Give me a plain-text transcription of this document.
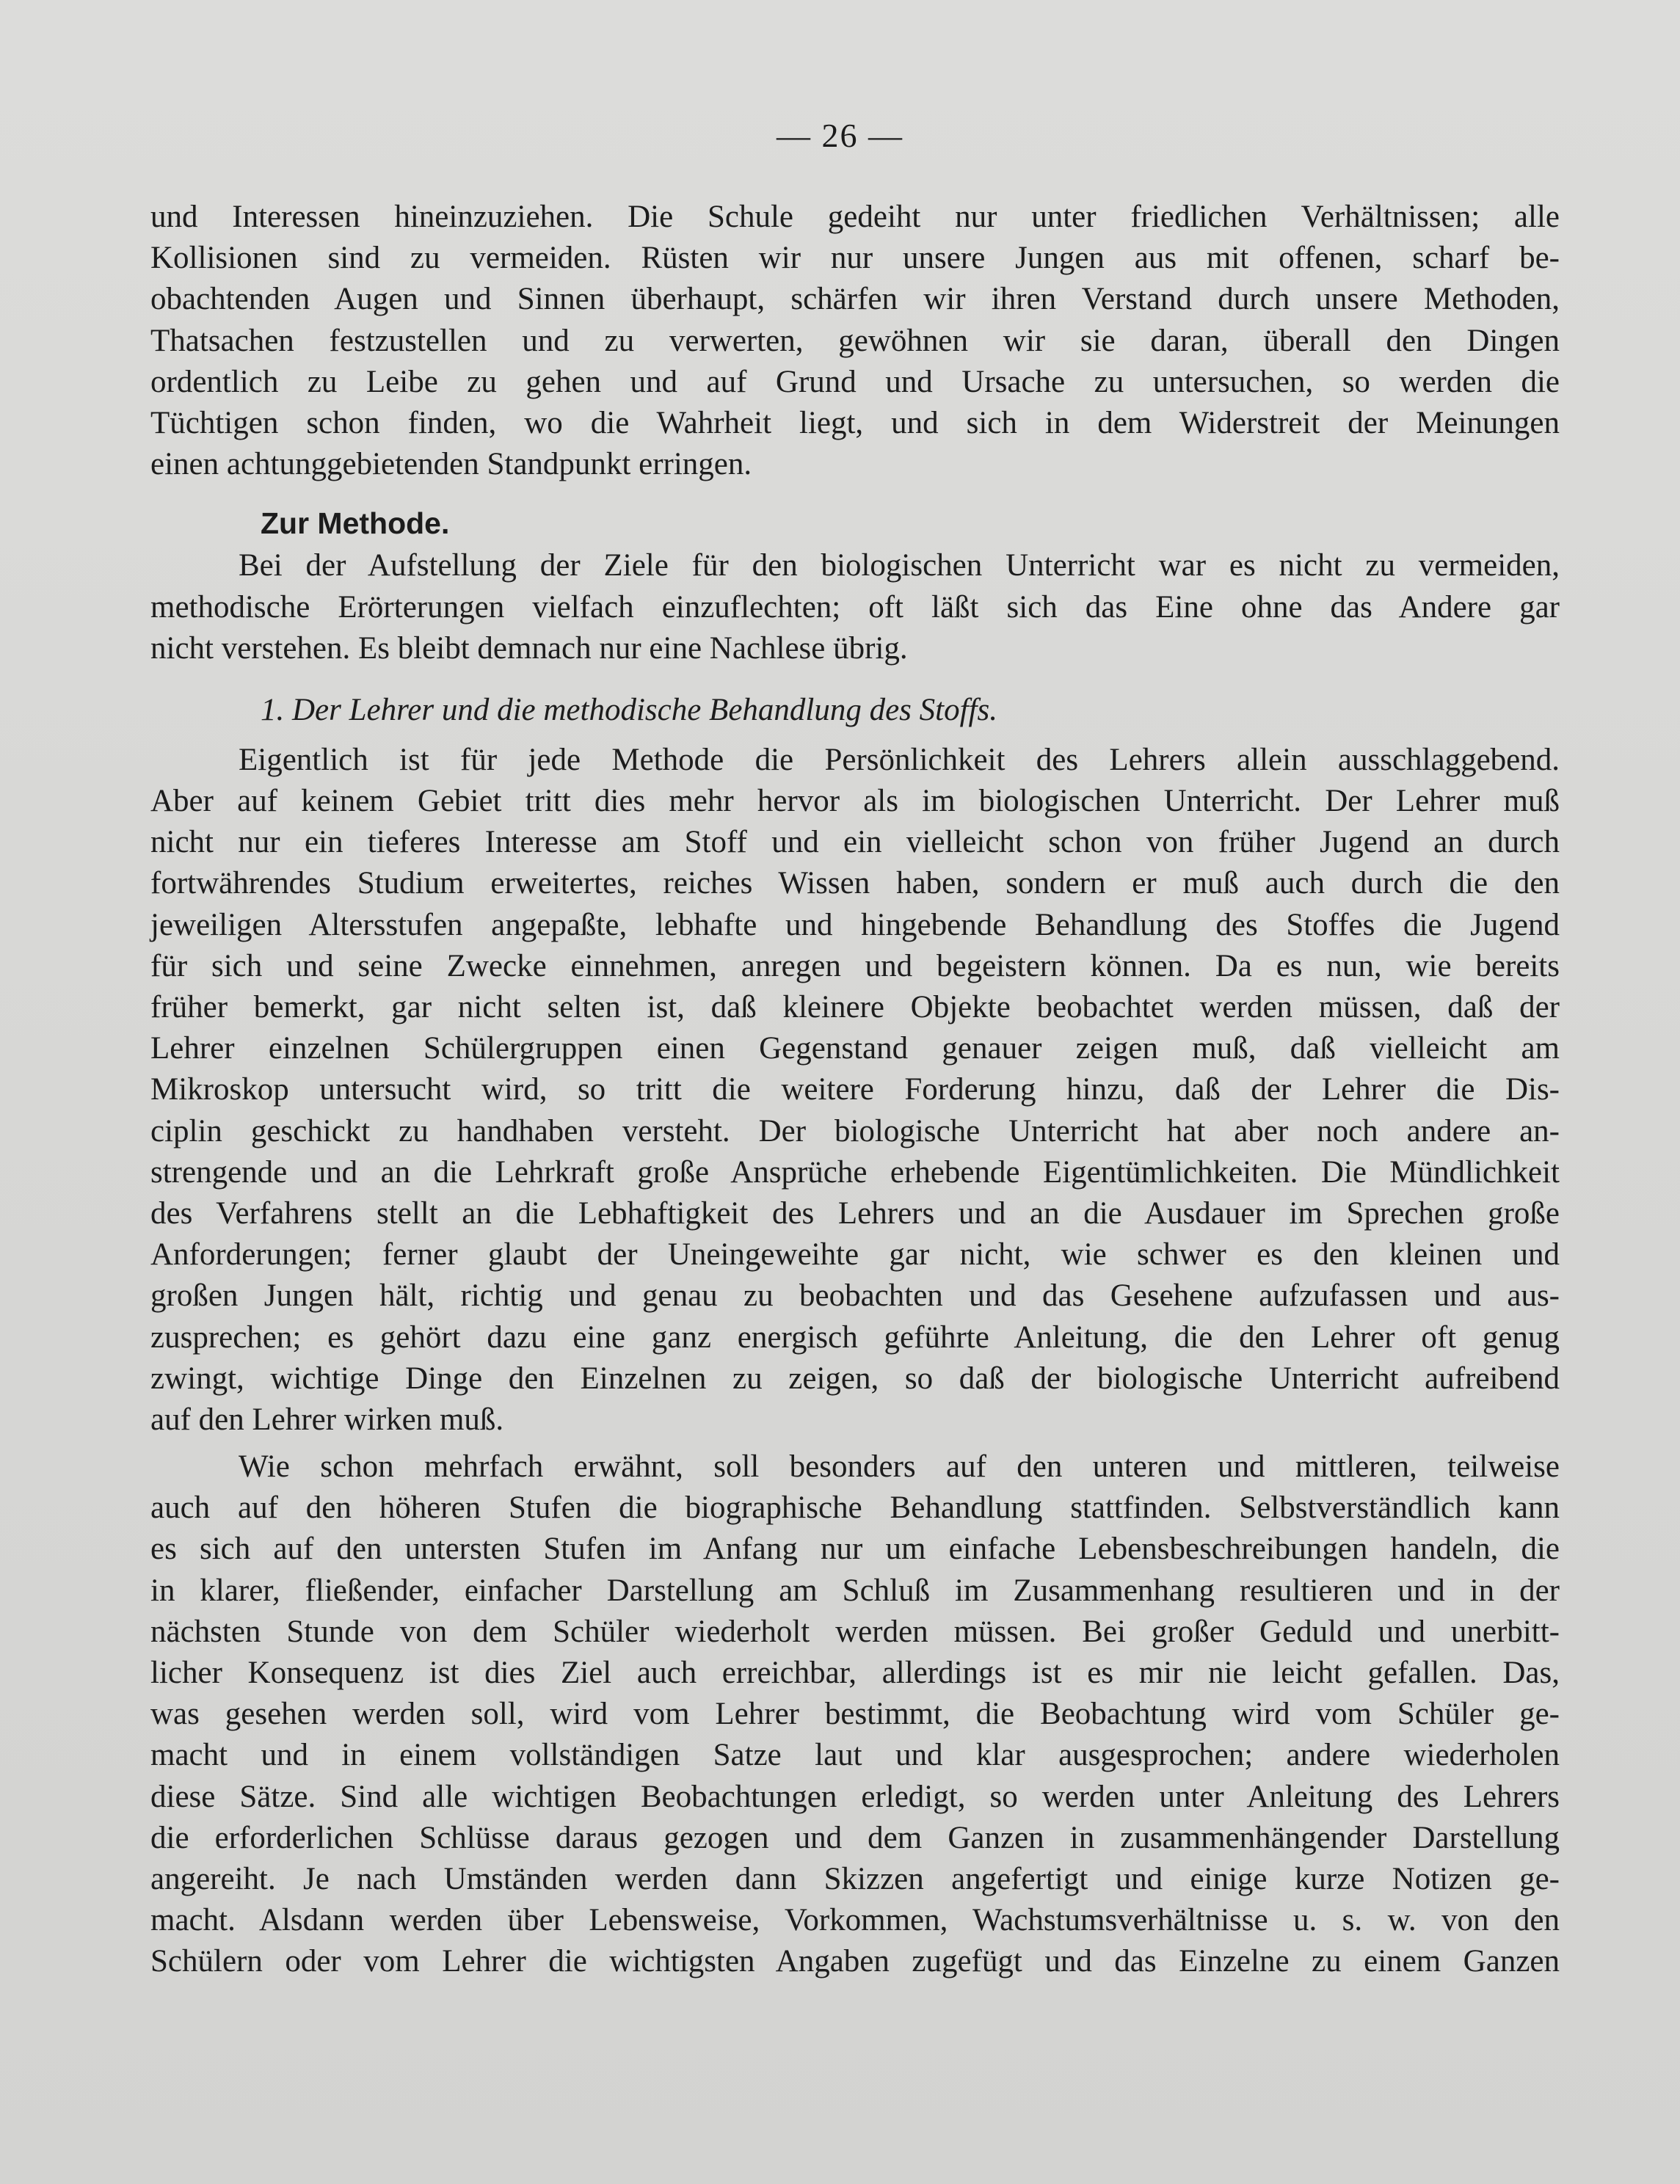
— 26 —
und Interessen hineinzuziehen. Die Schule gedeiht nur unter friedlichen Verhältnissen; alle
Kollisionen sind zu vermeiden. Rüsten wir nur unsere Jungen aus mit offenen, scharf be-
obachtenden Augen und Sinnen überhaupt, schärfen wir ihren Verstand durch unsere Methoden,
Thatsachen festzustellen und zu verwerten, gewöhnen wir sie daran, überall den Dingen
ordentlich zu Leibe zu gehen und auf Grund und Ursache zu untersuchen, so werden die
Tüchtigen schon finden, wo die Wahrheit liegt, und sich in dem Widerstreit der Meinungen
einen achtunggebietenden Standpunkt erringen.
Zur Methode.
Bei der Aufstellung der Ziele für den biologischen Unterricht war es nicht zu vermeiden,
methodische Erörterungen vielfach einzuflechten; oft läßt sich das Eine ohne das Andere gar
nicht verstehen. Es bleibt demnach nur eine Nachlese übrig.
1. Der Lehrer und die methodische Behandlung des Stoffs.
Eigentlich ist für jede Methode die Persönlichkeit des Lehrers allein ausschlaggebend.
Aber auf keinem Gebiet tritt dies mehr hervor als im biologischen Unterricht. Der Lehrer muß
nicht nur ein tieferes Interesse am Stoff und ein vielleicht schon von früher Jugend an durch
fortwährendes Studium erweitertes, reiches Wissen haben, sondern er muß auch durch die den
jeweiligen Altersstufen angepaßte, lebhafte und hingebende Behandlung des Stoffes die Jugend
für sich und seine Zwecke einnehmen, anregen und begeistern können. Da es nun, wie bereits
früher bemerkt, gar nicht selten ist, daß kleinere Objekte beobachtet werden müssen, daß der
Lehrer einzelnen Schülergruppen einen Gegenstand genauer zeigen muß, daß vielleicht am
Mikroskop untersucht wird, so tritt die weitere Forderung hinzu, daß der Lehrer die Dis-
ciplin geschickt zu handhaben versteht. Der biologische Unterricht hat aber noch andere an-
strengende und an die Lehrkraft große Ansprüche erhebende Eigentümlichkeiten. Die Mündlichkeit
des Verfahrens stellt an die Lebhaftigkeit des Lehrers und an die Ausdauer im Sprechen große
Anforderungen; ferner glaubt der Uneingeweihte gar nicht, wie schwer es den kleinen und
großen Jungen hält, richtig und genau zu beobachten und das Gesehene aufzufassen und aus-
zusprechen; es gehört dazu eine ganz energisch geführte Anleitung, die den Lehrer oft genug
zwingt, wichtige Dinge den Einzelnen zu zeigen, so daß der biologische Unterricht aufreibend
auf den Lehrer wirken muß.
Wie schon mehrfach erwähnt, soll besonders auf den unteren und mittleren, teilweise
auch auf den höheren Stufen die biographische Behandlung stattfinden. Selbstverständlich kann
es sich auf den untersten Stufen im Anfang nur um einfache Lebensbeschreibungen handeln, die
in klarer, fließender, einfacher Darstellung am Schluß im Zusammenhang resultieren und in der
nächsten Stunde von dem Schüler wiederholt werden müssen. Bei großer Geduld und unerbitt-
licher Konsequenz ist dies Ziel auch erreichbar, allerdings ist es mir nie leicht gefallen. Das,
was gesehen werden soll, wird vom Lehrer bestimmt, die Beobachtung wird vom Schüler ge-
macht und in einem vollständigen Satze laut und klar ausgesprochen; andere wiederholen
diese Sätze. Sind alle wichtigen Beobachtungen erledigt, so werden unter Anleitung des Lehrers
die erforderlichen Schlüsse daraus gezogen und dem Ganzen in zusammenhängender Darstellung
angereiht. Je nach Umständen werden dann Skizzen angefertigt und einige kurze Notizen ge-
macht. Alsdann werden über Lebensweise, Vorkommen, Wachstumsverhältnisse u. s. w. von den
Schülern oder vom Lehrer die wichtigsten Angaben zugefügt und das Einzelne zu einem Ganzen
